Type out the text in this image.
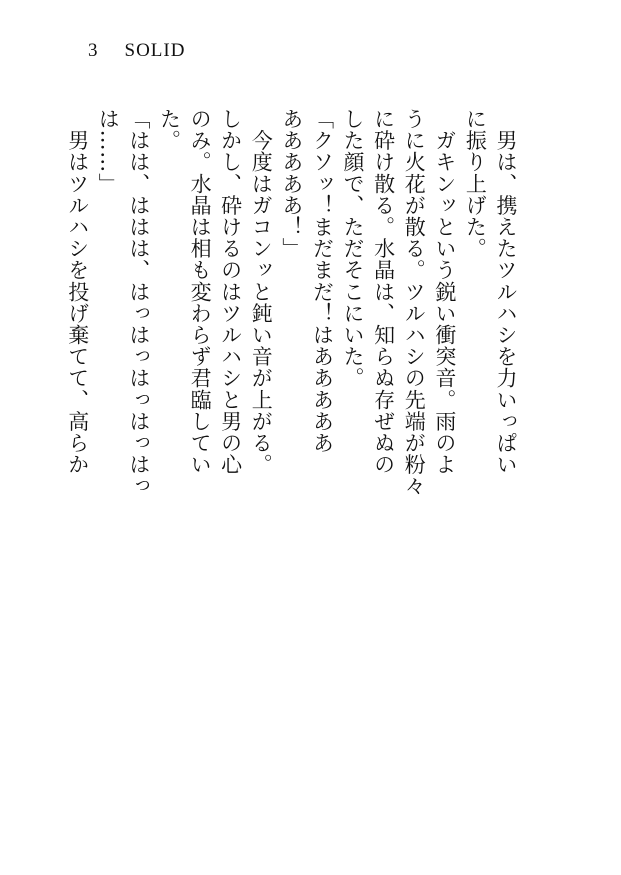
3 SOLID
　男は、携えたツルハシを力いっぱい
に振り上げた。
　ガキンッという鋭い衝突音。雨のよ
うに火花が散る。ツルハシの先端が粉々
に砕け散る。水晶は、知らぬ存ぜぬの
した顔で、ただそこにいた。
「クソッ！まだまだ！はあああああ
あああああ！」
　今度はガコンッと鈍い音が上がる。
しかし、砕けるのはツルハシと男の心
のみ。水晶は相も変わらず君臨してい
た。
「はは、ははは、はっはっはっはっはっ
は……」
　男はツルハシを投げ棄てて、高らか
